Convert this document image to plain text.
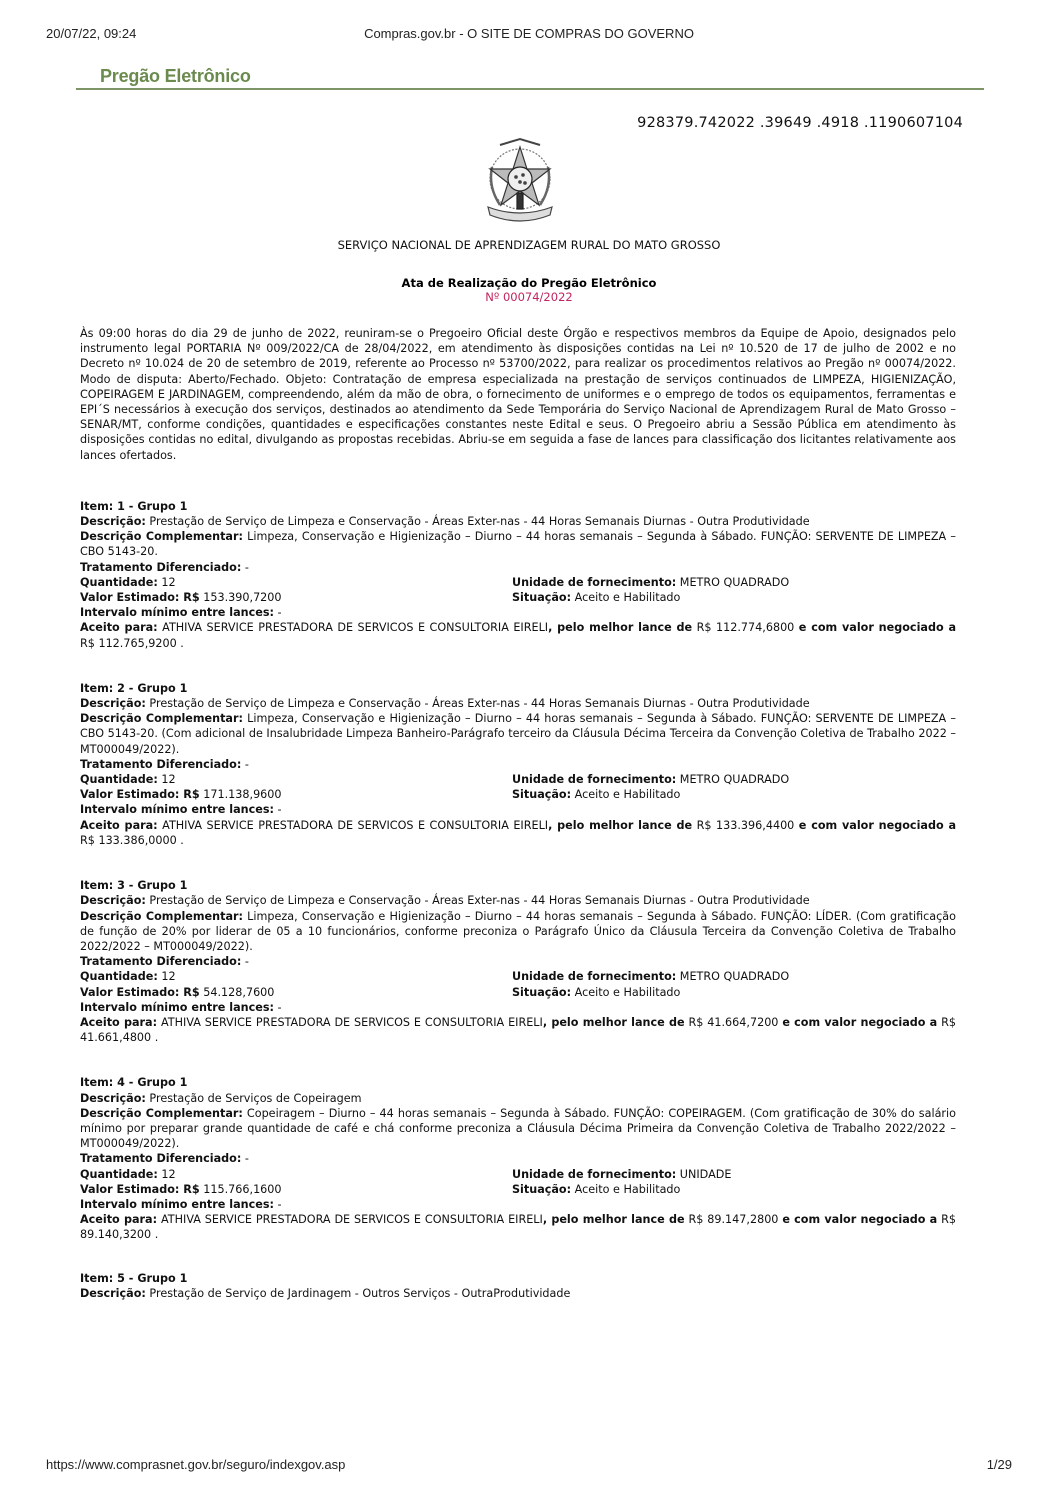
20/07/22, 09:24	Compras.gov.br - O SITE DE COMPRAS DO GOVERNO
Pregão Eletrônico
928379.742022 .39649 .4918 .1190607104
SERVIÇO NACIONAL DE APRENDIZAGEM RURAL DO MATO GROSSO
Ata de Realização do Pregão Eletrônico
Nº 00074/2022

Às 09:00 horas do dia 29 de junho de 2022, reuniram-se o Pregoeiro Oficial deste Órgão e respectivos membros da Equipe de Apoio, designados pelo instrumento legal PORTARIA Nº 009/2022/CA de 28/04/2022, em atendimento às disposições contidas na Lei nº 10.520 de 17 de julho de 2002 e no Decreto nº 10.024 de 20 de setembro de 2019, referente ao Processo nº 53700/2022, para realizar os procedimentos relativos ao Pregão nº 00074/2022. Modo de disputa: Aberto/Fechado. Objeto: Contratação de empresa especializada na prestação de serviços continuados de LIMPEZA, HIGIENIZAÇÃO, COPEIRAGEM E JARDINAGEM, compreendendo, além da mão de obra, o fornecimento de uniformes e o emprego de todos os equipamentos, ferramentas e EPI´S necessários à execução dos serviços, destinados ao atendimento da Sede Temporária do Serviço Nacional de Aprendizagem Rural de Mato Grosso – SENAR/MT, conforme condições, quantidades e especificações constantes neste Edital e seus. O Pregoeiro abriu a Sessão Pública em atendimento às disposições contidas no edital, divulgando as propostas recebidas. Abriu-se em seguida a fase de lances para classificação dos licitantes relativamente aos lances ofertados.

Item: 1 - Grupo 1

Descrição: Prestação de Serviço de Limpeza e Conservação - Áreas Exter-nas - 44 Horas Semanais Diurnas - Outra Produtividade

Descrição Complementar: Limpeza, Conservação e Higienização – Diurno – 44 horas semanais – Segunda à Sábado. FUNÇÃO: SERVENTE DE LIMPEZA – CBO 5143-20.

Tratamento Diferenciado: -

Quantidade: 12	Unidade de fornecimento: METRO QUADRADO
Valor Estimado: R$ 153.390,7200	Situação: Aceito e Habilitado

Intervalo mínimo entre lances: -

Aceito para: ATHIVA SERVICE PRESTADORA DE SERVICOS E CONSULTORIA EIRELI, pelo melhor lance de R$ 112.774,6800 e com valor negociado a R$ 112.765,9200 .

Item: 2 - Grupo 1

Descrição: Prestação de Serviço de Limpeza e Conservação - Áreas Exter-nas - 44 Horas Semanais Diurnas - Outra Produtividade

Descrição Complementar: Limpeza, Conservação e Higienização – Diurno – 44 horas semanais – Segunda à Sábado. FUNÇÃO: SERVENTE DE LIMPEZA – CBO 5143-20. (Com adicional de Insalubridade Limpeza Banheiro-Parágrafo terceiro da Cláusula Décima Terceira da Convenção Coletiva de Trabalho 2022 – MT000049/2022).

Tratamento Diferenciado: -

Quantidade: 12	Unidade de fornecimento: METRO QUADRADO
Valor Estimado: R$ 171.138,9600	Situação: Aceito e Habilitado

Intervalo mínimo entre lances: -

Aceito para: ATHIVA SERVICE PRESTADORA DE SERVICOS E CONSULTORIA EIRELI, pelo melhor lance de R$ 133.396,4400 e com valor negociado a R$ 133.386,0000 .

Item: 3 - Grupo 1

Descrição: Prestação de Serviço de Limpeza e Conservação - Áreas Exter-nas - 44 Horas Semanais Diurnas - Outra Produtividade

Descrição Complementar: Limpeza, Conservação e Higienização – Diurno – 44 horas semanais – Segunda à Sábado. FUNÇÃO: LÍDER. (Com gratificação de função de 20% por liderar de 05 a 10 funcionários, conforme preconiza o Parágrafo Único da Cláusula Terceira da Convenção Coletiva de Trabalho 2022/2022 – MT000049/2022).

Tratamento Diferenciado: -

Quantidade: 12	Unidade de fornecimento: METRO QUADRADO
Valor Estimado: R$ 54.128,7600	Situação: Aceito e Habilitado

Intervalo mínimo entre lances: -

Aceito para: ATHIVA SERVICE PRESTADORA DE SERVICOS E CONSULTORIA EIRELI, pelo melhor lance de R$ 41.664,7200 e com valor negociado a R$ 41.661,4800 .

Item: 4 - Grupo 1

Descrição: Prestação de Serviços de Copeiragem

Descrição Complementar: Copeiragem – Diurno – 44 horas semanais – Segunda à Sábado. FUNÇÃO: COPEIRAGEM. (Com gratificação de 30% do salário mínimo por preparar grande quantidade de café e chá conforme preconiza a Cláusula Décima Primeira da Convenção Coletiva de Trabalho 2022/2022 – MT000049/2022).

Tratamento Diferenciado: -

Quantidade: 12	Unidade de fornecimento: UNIDADE
Valor Estimado: R$ 115.766,1600	Situação: Aceito e Habilitado

Intervalo mínimo entre lances: -

Aceito para: ATHIVA SERVICE PRESTADORA DE SERVICOS E CONSULTORIA EIRELI, pelo melhor lance de R$ 89.147,2800 e com valor negociado a R$ 89.140,3200 .

Item: 5 - Grupo 1

Descrição: Prestação de Serviço de Jardinagem - Outros Serviços - OutraProdutividade

https://www.comprasnet.gov.br/seguro/indexgov.asp	1/29
